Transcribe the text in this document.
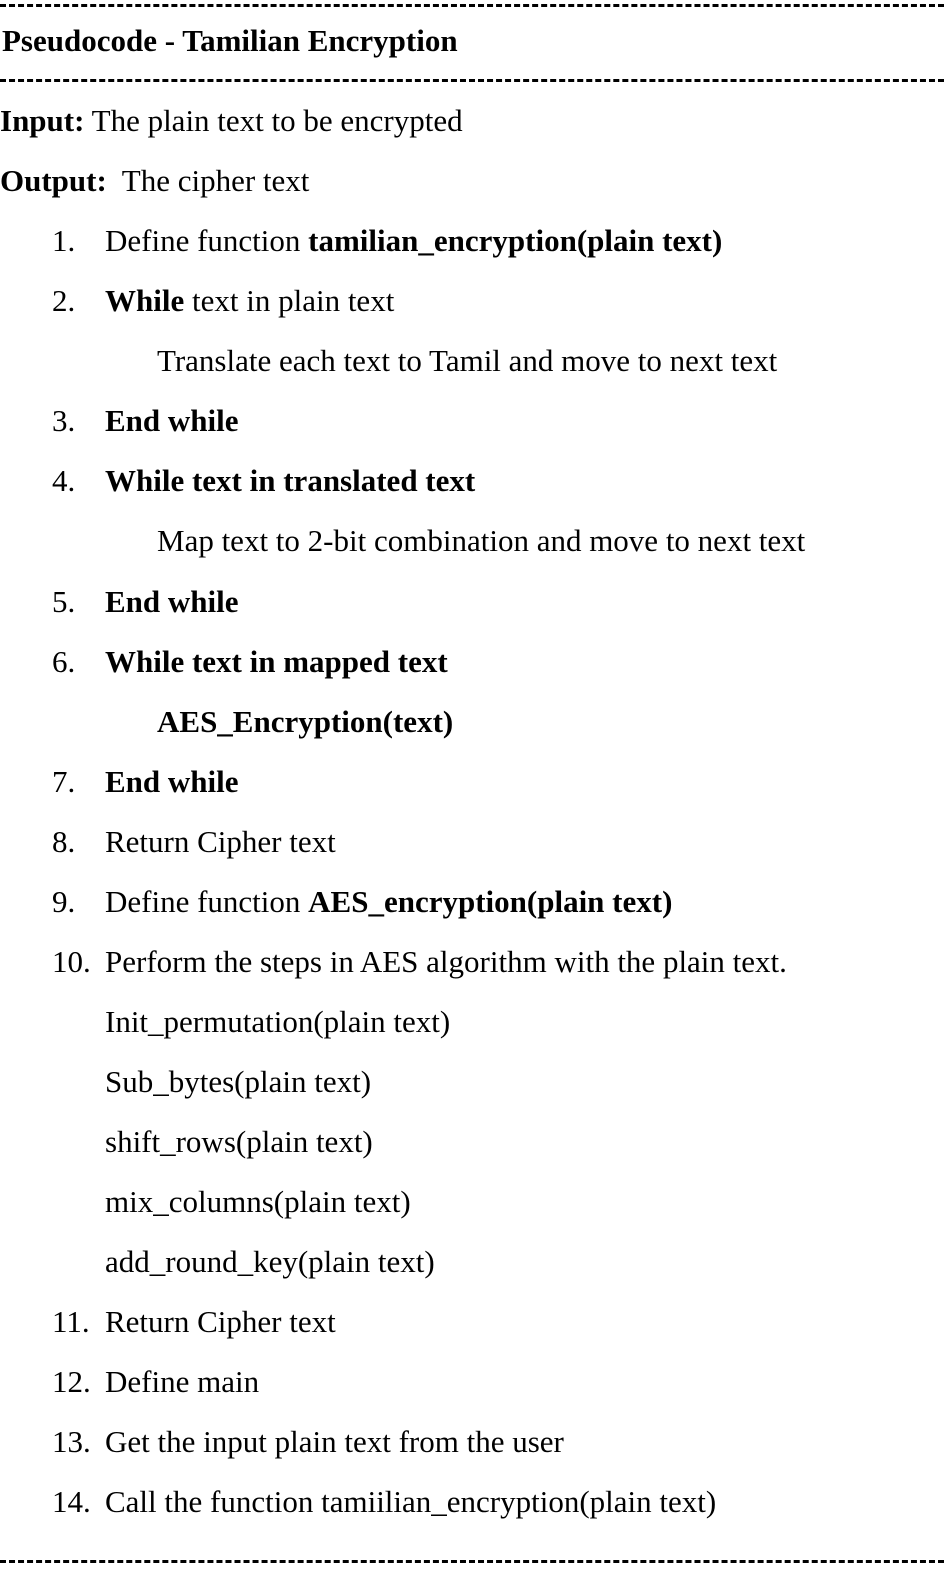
Pseudocode - Tamilian Encryption
Input: The plain text to be encrypted
Output:  The cipher text
1. Define function tamilian_encryption(plain text)
2. While text in plain text
Translate each text to Tamil and move to next text
3. End while
4. While text in translated text
Map text to 2-bit combination and move to next text
5. End while
6. While text in mapped text
AES_Encryption(text)
7. End while
8. Return Cipher text
9. Define function AES_encryption(plain text)
10. Perform the steps in AES algorithm with the plain text.
Init_permutation(plain text)
Sub_bytes(plain text)
shift_rows(plain text)
mix_columns(plain text)
add_round_key(plain text)
11. Return Cipher text
12. Define main
13. Get the input plain text from the user
14. Call the function tamiilian_encryption(plain text)
